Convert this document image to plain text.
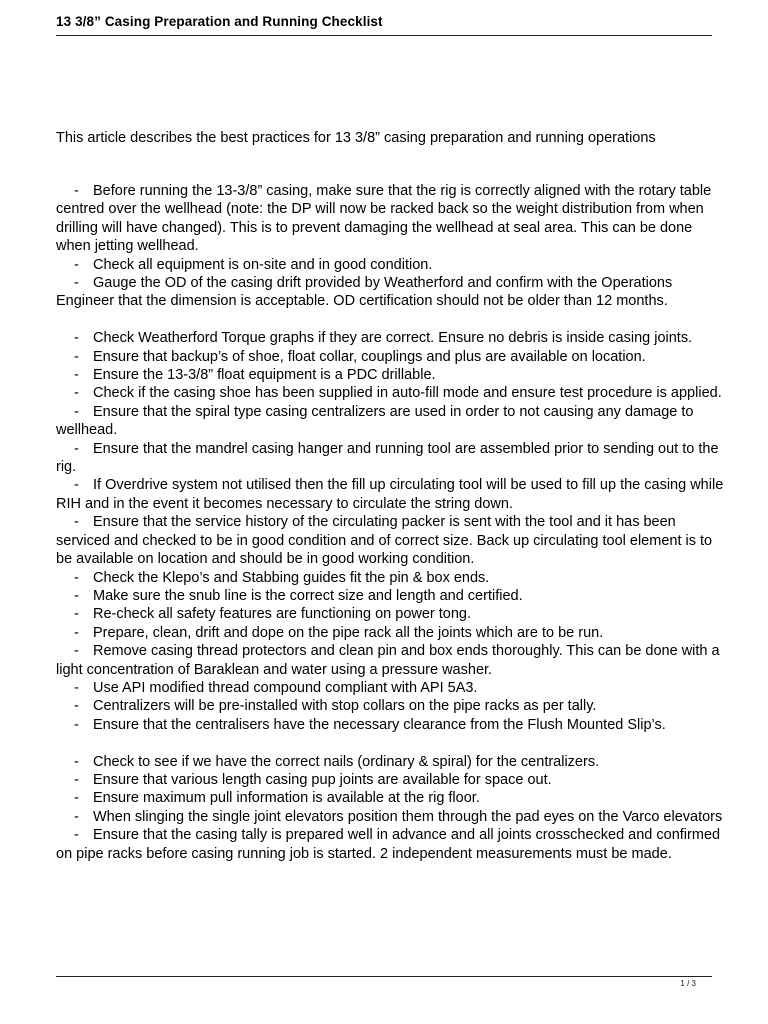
13 3/8” Casing Preparation and Running Checklist
This article describes the best practices for 13 3/8” casing preparation and running operations

- Before running the 13-3/8” casing, make sure that the rig is correctly aligned with the rotary table centred over the wellhead (note: the DP will now be racked back so the weight distribution from when drilling will have changed). This is to prevent damaging the wellhead at seal area. This can be done when jetting wellhead.

- Check all equipment is on-site and in good condition.

- Gauge the OD of the casing drift provided by Weatherford and confirm with the Operations Engineer that the dimension is acceptable. OD certification should not be older than 12 months.

- Check Weatherford Torque graphs if they are correct. Ensure no debris is inside casing joints.

- Ensure that backup’s of shoe, float collar, couplings and plus are available on location.

- Ensure the 13-3/8” float equipment is a PDC drillable.

- Check if the casing shoe has been supplied in auto-fill mode and ensure test procedure is applied.

- Ensure that the spiral type casing centralizers are used in order to not causing any damage to wellhead.

- Ensure that the mandrel casing hanger and running tool are assembled prior to sending out to the rig.

- If Overdrive system not utilised then the fill up circulating tool will be used to fill up the casing while RIH and in the event it becomes necessary to circulate the string down.

- Ensure that the service history of the circulating packer is sent with the tool and it has been serviced and checked to be in good condition and of correct size. Back up circulating tool element is to be available on location and should be in good working condition.

- Check the Klepo’s and Stabbing guides fit the pin & box ends.

- Make sure the snub line is the correct size and length and certified.

- Re-check all safety features are functioning on power tong.

- Prepare, clean, drift and dope on the pipe rack all the joints which are to be run.

- Remove casing thread protectors and clean pin and box ends thoroughly. This can be done with a light concentration of Baraklean and water using a pressure washer.

- Use API modified thread compound compliant with API 5A3.

- Centralizers will be pre-installed with stop collars on the pipe racks as per tally.

- Ensure that the centralisers have the necessary clearance from the Flush Mounted Slip’s.

- Check to see if we have the correct nails (ordinary & spiral) for the centralizers.

- Ensure that various length casing pup joints are available for space out.

- Ensure maximum pull information is available at the rig floor.

- When slinging the single joint elevators position them through the pad eyes on the Varco elevators

- Ensure that the casing tally is prepared well in advance and all joints crosschecked and confirmed on pipe racks before casing running job is started. 2 independent measurements must be made.

1 / 3
